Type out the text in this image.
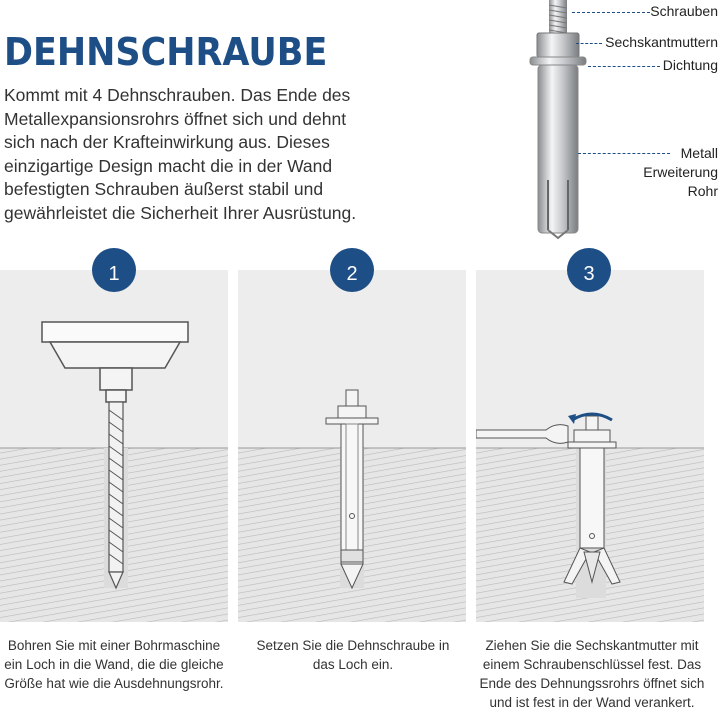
DEHNSCHRAUBE
Kommt mit 4 Dehnschrauben. Das Ende des Metallexpansionsrohrs öffnet sich und dehnt sich nach der Krafteinwirkung aus. Dieses einzigartige Design macht die in der Wand befestigten Schrauben äußerst stabil und gewährleistet die Sicherheit Ihrer Ausrüstung.
Schrauben
Sechskantmuttern
Dichtung
Metall
Erweiterung
Rohr
1	2	3
Bohren Sie mit einer Bohrmaschine ein Loch in die Wand, die die gleiche Größe hat wie die Ausdehnungsrohr.
Setzen Sie die Dehnschraube in das Loch ein.
Ziehen Sie die Sechskantmutter mit einem Schraubenschlüssel fest. Das Ende des Dehnungssrohrs öffnet sich und ist fest in der Wand verankert.
